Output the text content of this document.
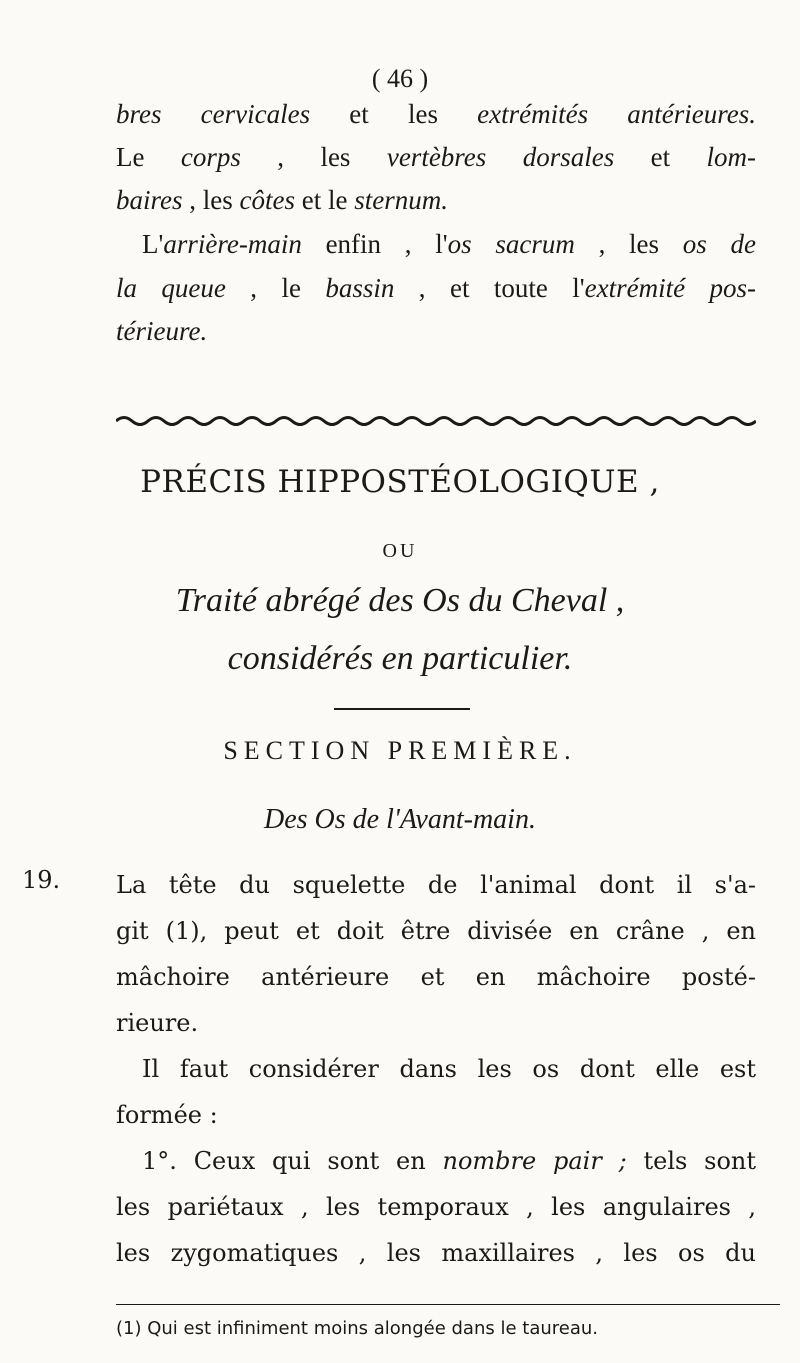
( 46 )
bres cervicales et les extrémités antérieures.
Le corps , les vertèbres dorsales et lom-
baires , les côtes et le sternum.
L'arrière-main enfin , l'os sacrum , les os de
la queue , le bassin , et toute l'extrémité pos-
térieure.
PRÉCIS HIPPOSTÉOLOGIQUE ,
OU
Traité abrégé des Os du Cheval ,
considérés en particulier.
SECTION PREMIÈRE.
Des Os de l'Avant-main.
19. La tête du squelette de l'animal dont il s'a-
git (1), peut et doit être divisée en crâne , en
mâchoire antérieure et en mâchoire posté-
rieure.
Il faut considérer dans les os dont elle est
formée :
1°. Ceux qui sont en nombre pair ; tels sont
les pariétaux , les temporaux , les angulaires ,
les zygomatiques , les maxillaires , les os du
(1) Qui est infiniment moins alongée dans le taureau.
